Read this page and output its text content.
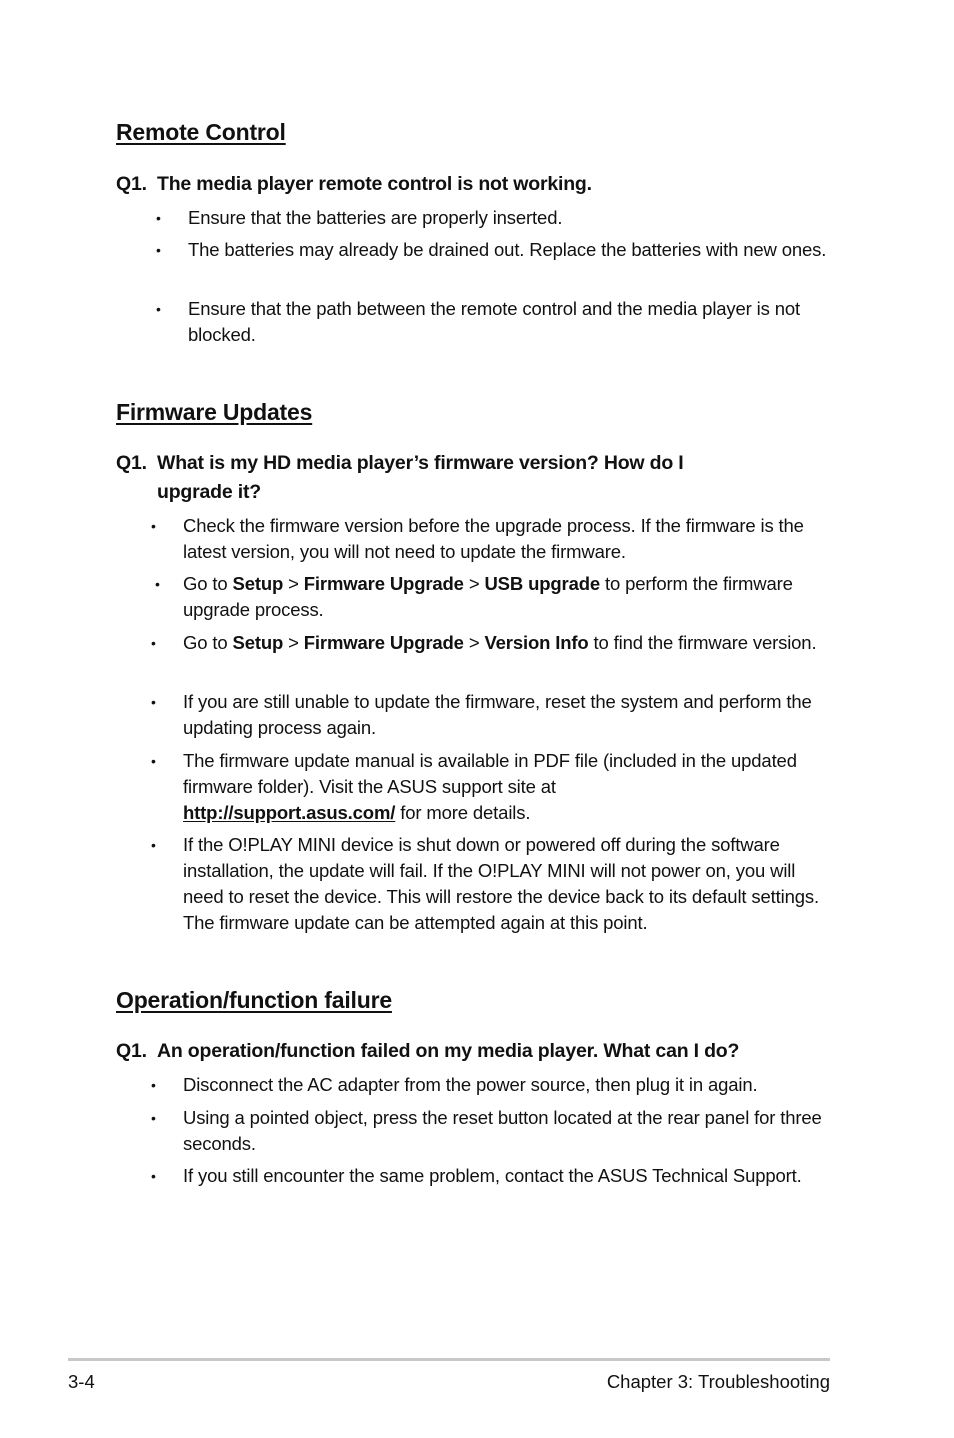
Remote Control
Q1. The media player remote control is not working.
• Ensure that the batteries are properly inserted.
• The batteries may already be drained out. Replace the batteries with new ones.
• Ensure that the path between the remote control and the media player is not blocked.
Firmware Updates
Q1. What is my HD media player’s firmware version? How do I
upgrade it?
• Check the firmware version before the upgrade process. If the firmware is the latest version, you will not need to update the firmware.
• Go to Setup > Firmware Upgrade > USB upgrade to perform the firmware upgrade process.
• Go to Setup > Firmware Upgrade > Version Info to find the firmware version.
• If you are still unable to update the firmware, reset the system and perform the updating process again.
• The firmware update manual is available in PDF file (included in the updated firmware folder). Visit the ASUS support site at
http://support.asus.com/ for more details.
• If the O!PLAY MINI device is shut down or powered off during the software installation, the update will fail. If the O!PLAY MINI will not power on, you will need to reset the device. This will restore the device back to its default settings. The firmware update can be attempted again at this point.
Operation/function failure
Q1. An operation/function failed on my media player. What can I do?
• Disconnect the AC adapter from the power source, then plug it in again.
• Using a pointed object, press the reset button located at the rear panel for three seconds.
• If you still encounter the same problem, contact the ASUS Technical Support.
3-4	Chapter 3: Troubleshooting
